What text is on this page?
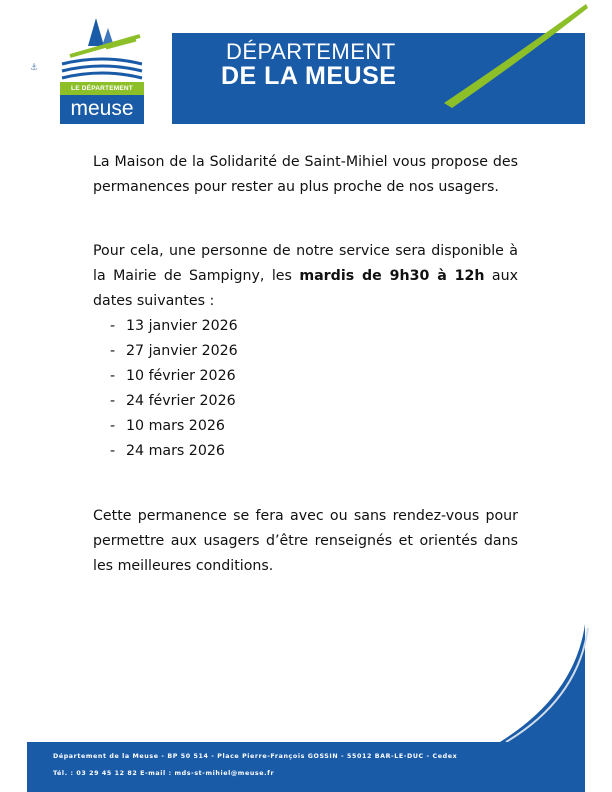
⚓
LE DÉPARTEMENT
meuse
DÉPARTEMENT
DE LA MEUSE

La Maison de la Solidarité de Saint-Mihiel vous propose des permanences pour rester au plus proche de nos usagers.

Pour cela, une personne de notre service sera disponible à la Mairie de Sampigny, les mardis de 9h30 à 12h aux dates suivantes :

- 13 janvier 2026
- 27 janvier 2026
- 10 février 2026
- 24 février 2026
- 10 mars 2026
- 24 mars 2026

Cette permanence se fera avec ou sans rendez-vous pour permettre aux usagers d’être renseignés et orientés dans les meilleures conditions.

Département de la Meuse - BP 50 514 - Place Pierre-François GOSSIN - 55012 BAR-LE-DUC - Cedex
Tél. : 03 29 45 12 82 E-mail : mds-st-mihiel@meuse.fr
